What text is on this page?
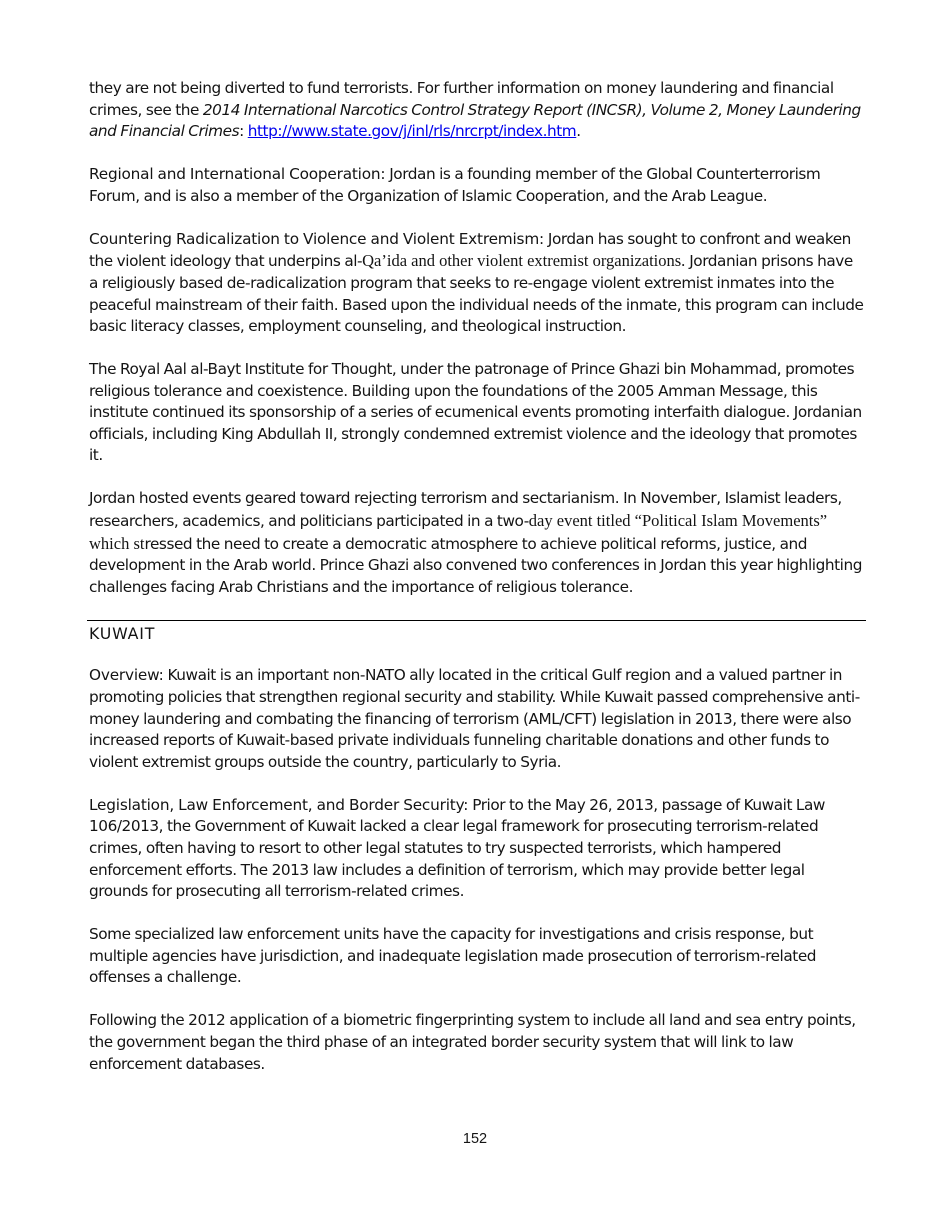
they are not being diverted to fund terrorists. For further information on money laundering and financial crimes, see the 2014 International Narcotics Control Strategy Report (INCSR), Volume 2, Money Laundering and Financial Crimes: http://www.state.gov/j/inl/rls/nrcrpt/index.htm.

Regional and International Cooperation: Jordan is a founding member of the Global Counterterrorism Forum, and is also a member of the Organization of Islamic Cooperation, and the Arab League.

Countering Radicalization to Violence and Violent Extremism: Jordan has sought to confront and weaken the violent ideology that underpins al-Qa’ida and other violent extremist organizations. Jordanian prisons have a religiously based de-radicalization program that seeks to re-engage violent extremist inmates into the peaceful mainstream of their faith. Based upon the individual needs of the inmate, this program can include basic literacy classes, employment counseling, and theological instruction.

The Royal Aal al-Bayt Institute for Thought, under the patronage of Prince Ghazi bin Mohammad, promotes religious tolerance and coexistence. Building upon the foundations of the 2005 Amman Message, this institute continued its sponsorship of a series of ecumenical events promoting interfaith dialogue. Jordanian officials, including King Abdullah II, strongly condemned extremist violence and the ideology that promotes it.

Jordan hosted events geared toward rejecting terrorism and sectarianism. In November, Islamist leaders, researchers, academics, and politicians participated in a two-day event titled “Political Islam Movements” which stressed the need to create a democratic atmosphere to achieve political reforms, justice, and development in the Arab world. Prince Ghazi also convened two conferences in Jordan this year highlighting challenges facing Arab Christians and the importance of religious tolerance.

KUWAIT

Overview: Kuwait is an important non-NATO ally located in the critical Gulf region and a valued partner in promoting policies that strengthen regional security and stability. While Kuwait passed comprehensive anti-money laundering and combating the financing of terrorism (AML/CFT) legislation in 2013, there were also increased reports of Kuwait-based private individuals funneling charitable donations and other funds to violent extremist groups outside the country, particularly to Syria.

Legislation, Law Enforcement, and Border Security: Prior to the May 26, 2013, passage of Kuwait Law 106/2013, the Government of Kuwait lacked a clear legal framework for prosecuting terrorism-related crimes, often having to resort to other legal statutes to try suspected terrorists, which hampered enforcement efforts. The 2013 law includes a definition of terrorism, which may provide better legal grounds for prosecuting all terrorism-related crimes.

Some specialized law enforcement units have the capacity for investigations and crisis response, but multiple agencies have jurisdiction, and inadequate legislation made prosecution of terrorism-related offenses a challenge.

Following the 2012 application of a biometric fingerprinting system to include all land and sea entry points, the government began the third phase of an integrated border security system that will link to law enforcement databases.

152
